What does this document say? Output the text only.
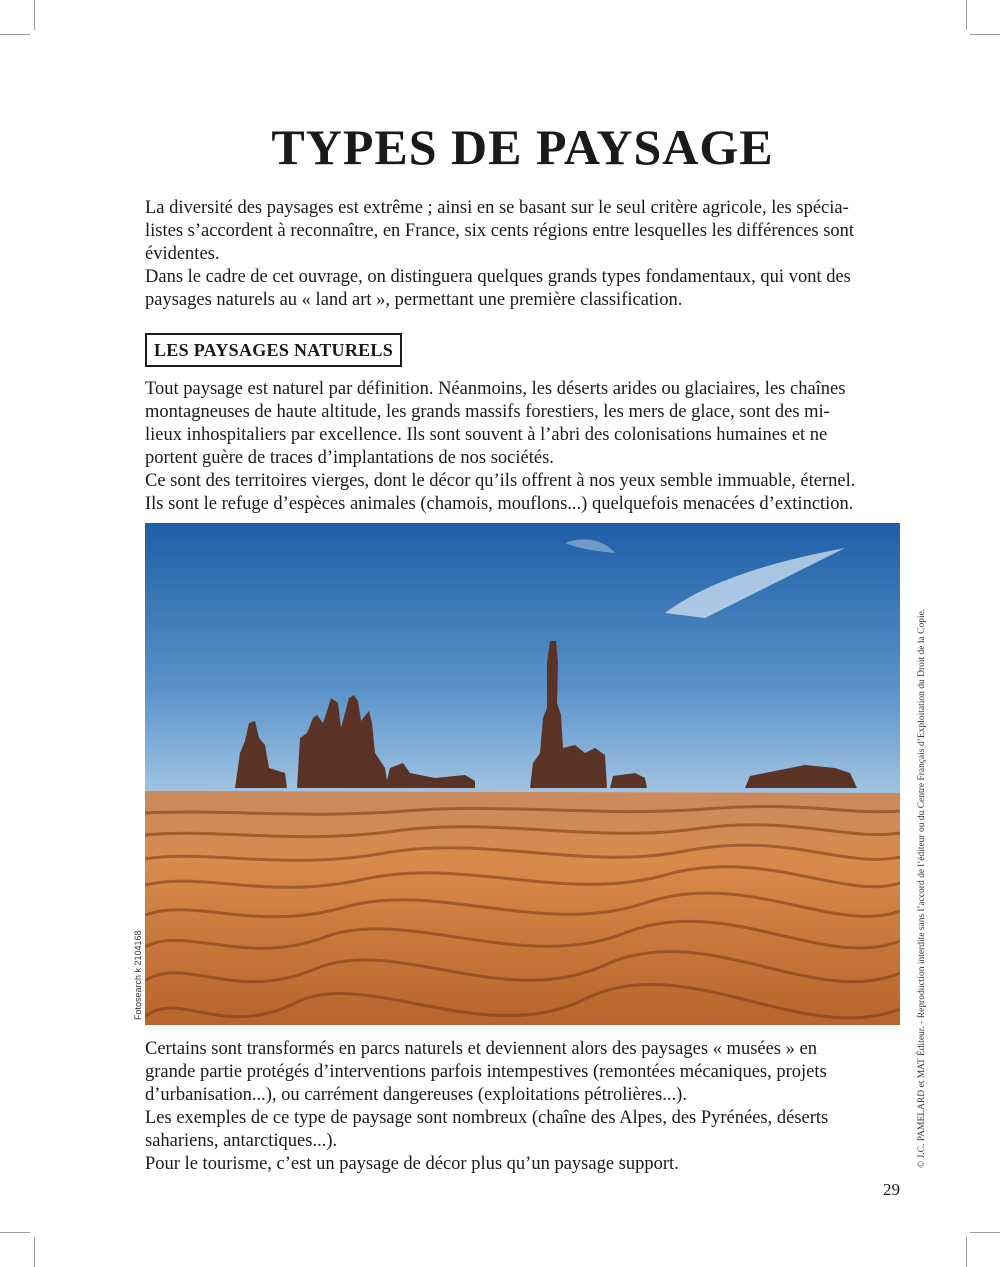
TYPES DE PAYSAGE

La diversité des paysages est extrême ; ainsi en se basant sur le seul critère agricole, les spécia-
listes s’accordent à reconnaître, en France, six cents régions entre lesquelles les différences sont
évidentes.
Dans le cadre de cet ouvrage, on distinguera quelques grands types fondamentaux, qui vont des
paysages naturels au « land art », permettant une première classification.

LES PAYSAGES NATURELS

Tout paysage est naturel par définition. Néanmoins, les déserts arides ou glaciaires, les chaînes
montagneuses de haute altitude, les grands massifs forestiers, les mers de glace, sont des mi-
lieux inhospitaliers par excellence. Ils sont souvent à l’abri des colonisations humaines et ne
portent guère de traces d’implantations de nos sociétés.
Ce sont des territoires vierges, dont le décor qu’ils offrent à nos yeux semble immuable, éternel.
Ils sont le refuge d’espèces animales (chamois, mouflons...) quelquefois menacées d’extinction.

Fotosearch k 2104168

Certains sont transformés en parcs naturels et deviennent alors des paysages « musées » en
grande partie protégés d’interventions parfois intempestives (remontées mécaniques, projets
d’urbanisation...), ou carrément dangereuses (exploitations pétrolières...).
Les exemples de ce type de paysage sont nombreux (chaîne des Alpes, des Pyrénées, déserts
sahariens, antarctiques...).
Pour le tourisme, c’est un paysage de décor plus qu’un paysage support.	© J.C. PAMELARD et MAT Éditeur. - Reproduction interdite sans l’accord de l’éditeur ou du Centre Français d’Exploitation du Droit de la Copie.
29
